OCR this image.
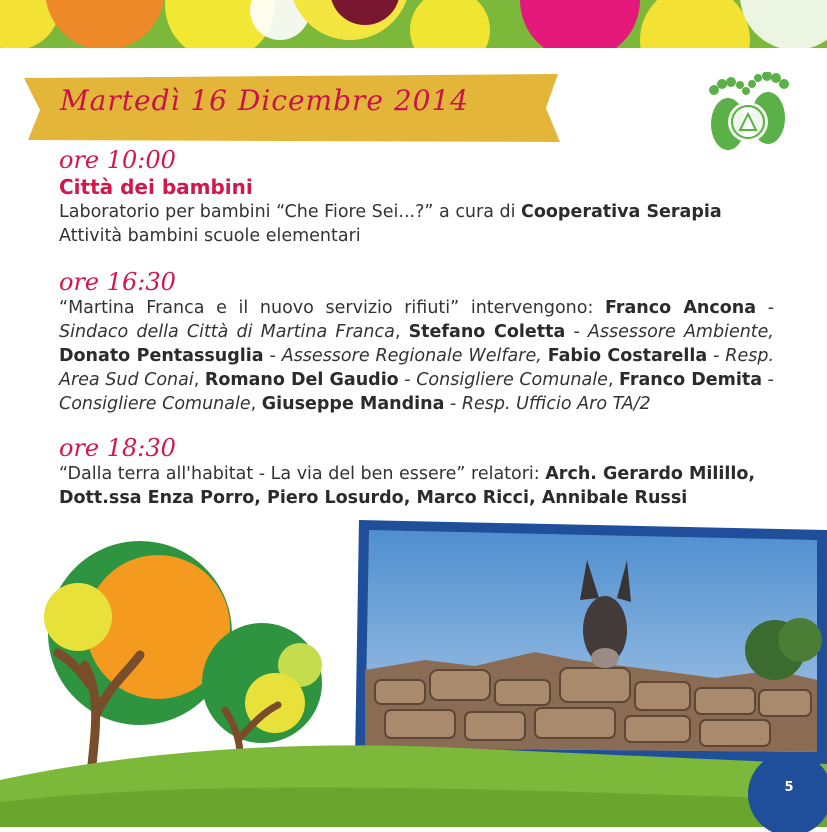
Martedì 16 Dicembre 2014

ore 10:00

Città dei bambini

Laboratorio per bambini “Che Fiore Sei...?” a cura di Cooperativa Serapia

Attività bambini scuole elementari

ore 16:30

“Martina Franca e il nuovo servizio rifiuti” intervengono: Franco Ancona - Sindaco della Città di Martina Franca, Stefano Coletta - Assessore Ambiente, Donato Pentassuglia - Assessore Regionale Welfare, Fabio Costarella - Resp. Area Sud Conai, Romano Del Gaudio - Consigliere Comunale, Franco Demita - Consigliere Comunale, Giuseppe Mandina - Resp. Ufficio Aro TA/2

ore 18:30

“Dalla terra all'habitat - La via del ben essere” relatori: Arch. Gerardo Milillo, Dott.ssa Enza Porro, Piero Losurdo, Marco Ricci, Annibale Russi

5
